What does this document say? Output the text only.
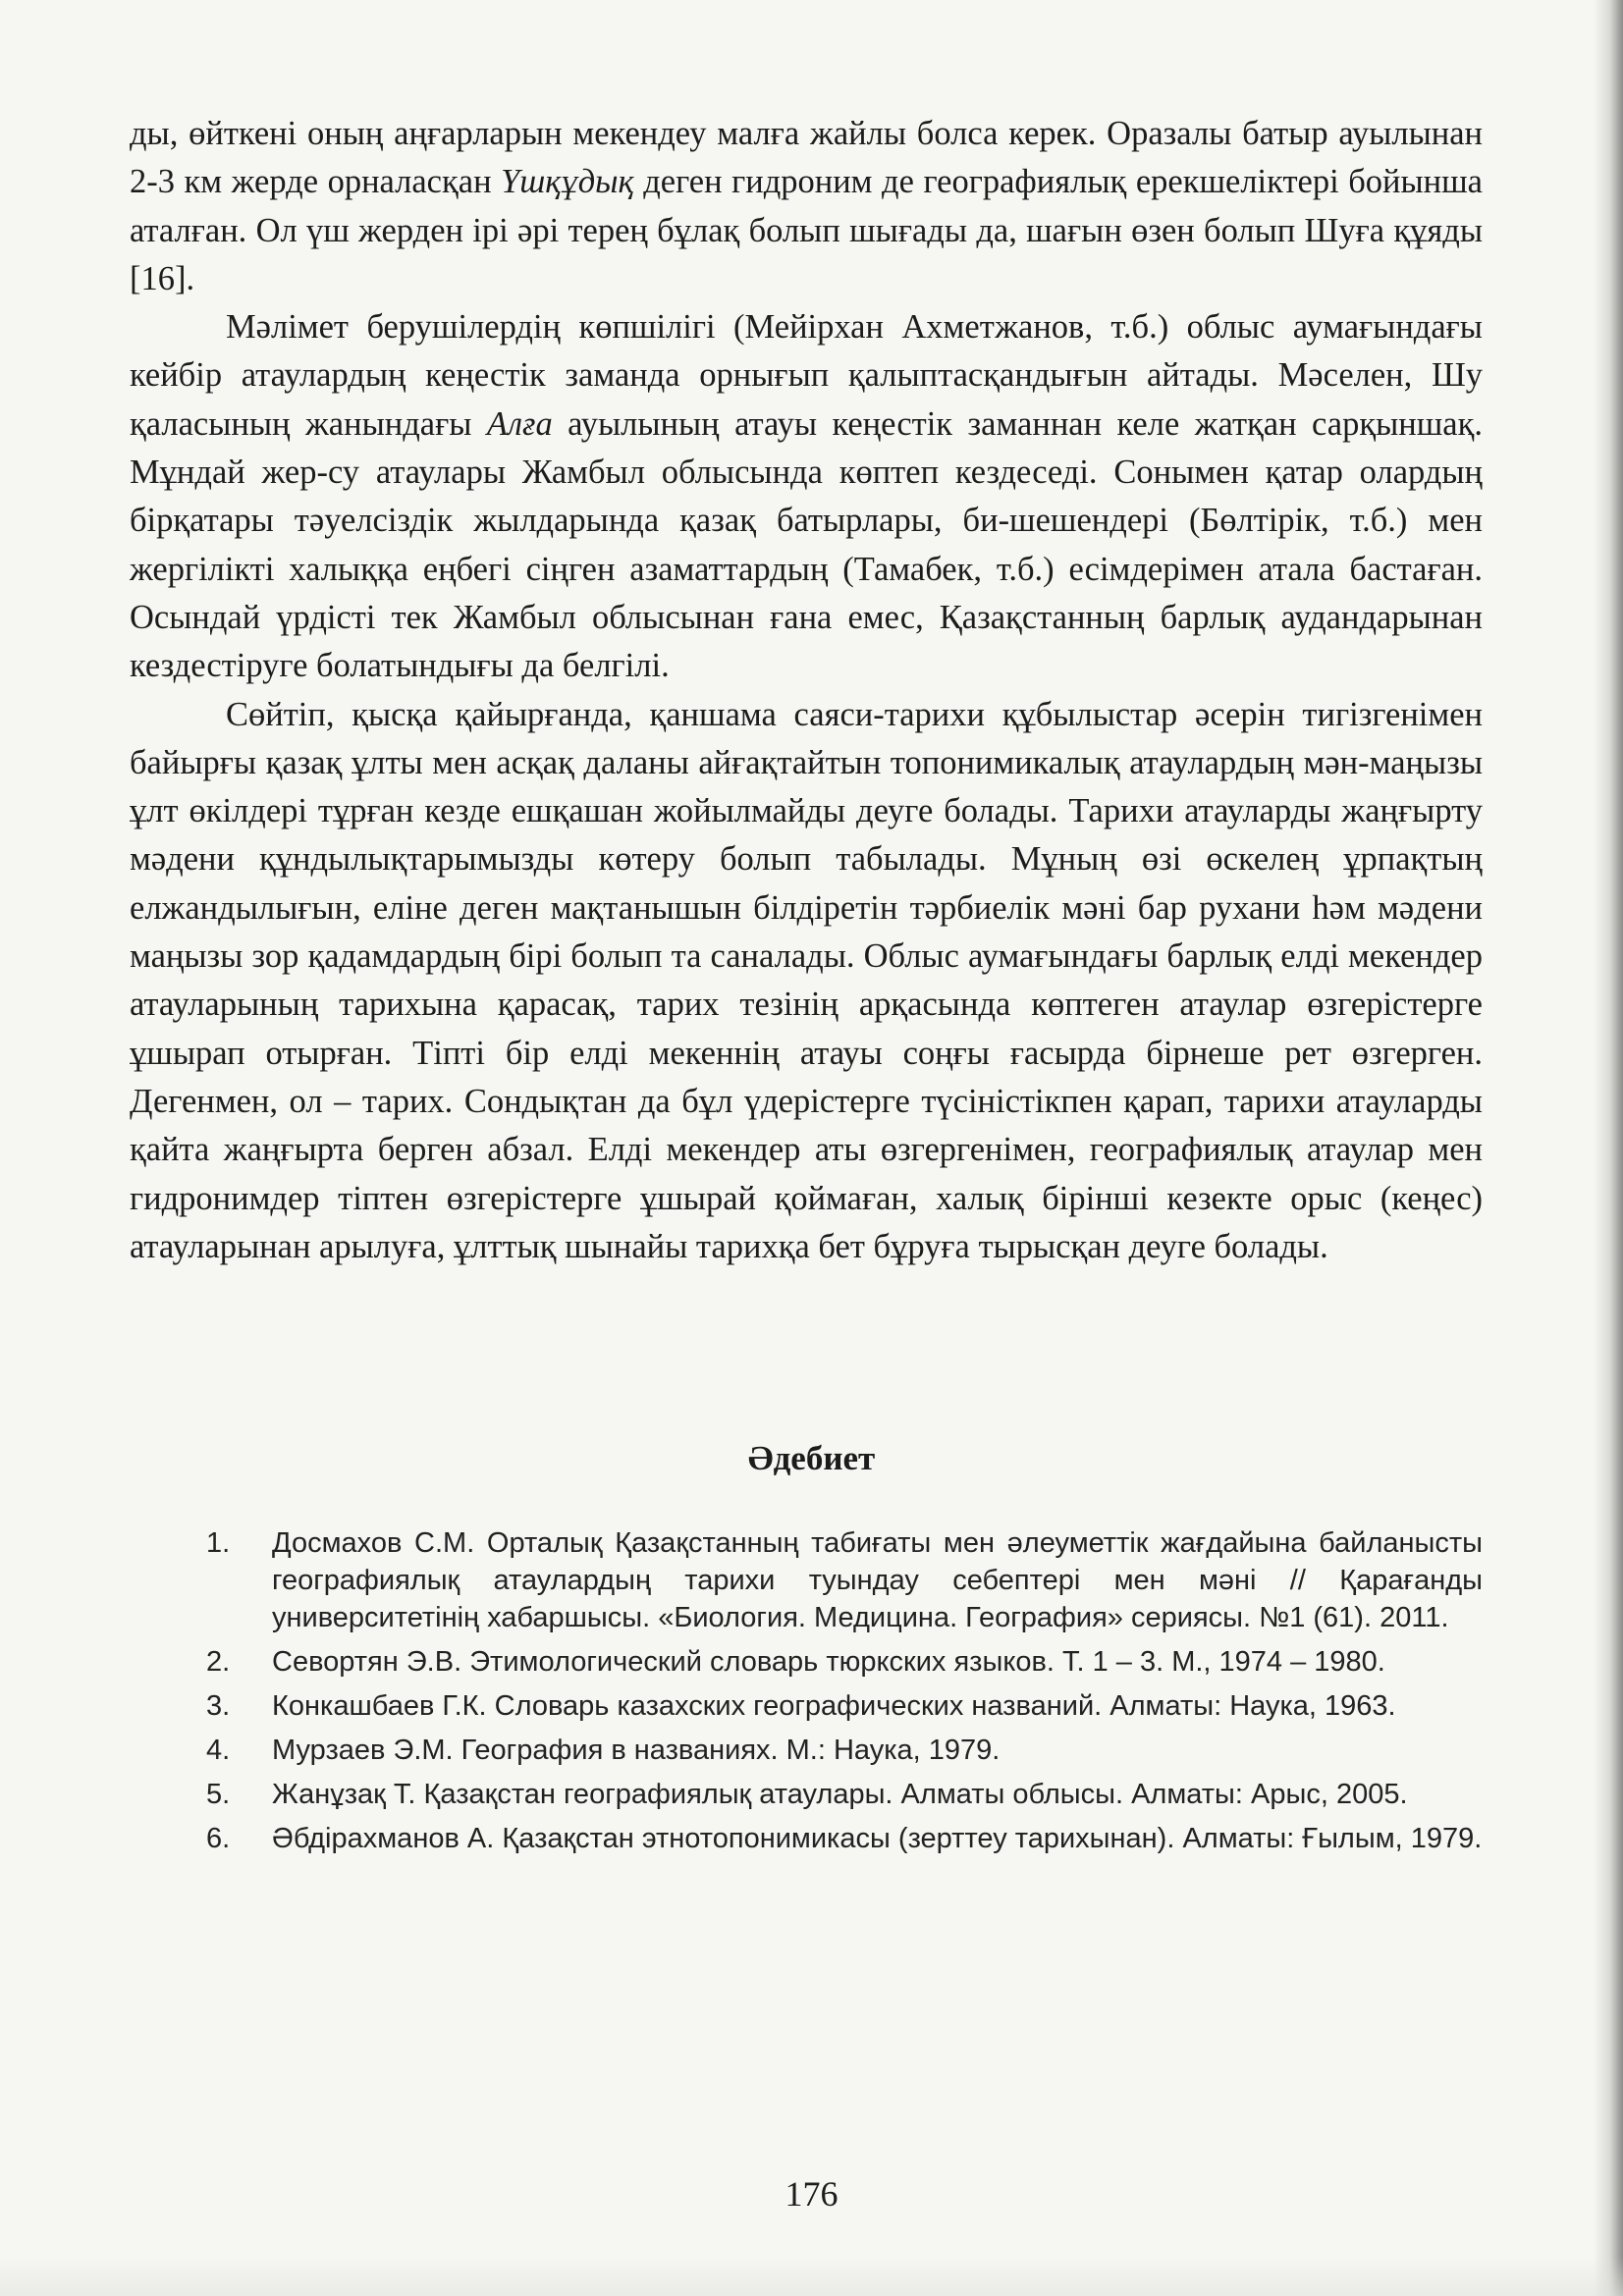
ды, өйткені оның аңғарларын мекендеу малға жайлы болса керек. Оразалы батыр ауылынан 2-3 км жерде орналасқан Үшқұдық деген гидроним де географиялық ерекшеліктері бойынша аталған. Ол үш жерден ірі әрі терең бұлақ болып шығады да, шағын өзен болып Шуға құяды [16].

Мәлімет берушілердің көпшілігі (Мейірхан Ахметжанов, т.б.) облыс аумағындағы кейбір атаулардың кеңестік заманда орнығып қалыптасқандығын айтады. Мәселен, Шу қаласының жанындағы Алға ауылының атауы кеңестік заманнан келе жатқан сарқыншақ. Мұндай жер-су атаулары Жамбыл облысында көптеп кездеседі. Сонымен қатар олардың бірқатары тәуелсіздік жылдарында қазақ батырлары, би-шешендері (Бөлтірік, т.б.) мен жергілікті халыққа еңбегі сіңген азаматтардың (Тамабек, т.б.) есімдерімен атала бастаған. Осындай үрдісті тек Жамбыл облысынан ғана емес, Қазақстанның барлық аудандарынан кездестіруге болатындығы да белгілі.

Сөйтіп, қысқа қайырғанда, қаншама саяси-тарихи құбылыстар әсерін тигізгенімен байырғы қазақ ұлты мен асқақ даланы айғақтайтын топонимикалық атаулардың мән-маңызы ұлт өкілдері тұрған кезде ешқашан жойылмайды деуге болады. Тарихи атауларды жаңғырту мәдени құндылықтарымызды көтеру болып табылады. Мұның өзі өскелең ұрпақтың елжандылығын, еліне деген мақтанышын білдіретін тәрбиелік мәні бар рухани һәм мәдени маңызы зор қадамдардың бірі болып та саналады. Облыс аумағындағы барлық елді мекендер атауларының тарихына қарасақ, тарих тезінің арқасында көптеген атаулар өзгерістерге ұшырап отырған. Тіпті бір елді мекеннің атауы соңғы ғасырда бірнеше рет өзгерген. Дегенмен, ол – тарих. Сондықтан да бұл үдерістерге түсіністікпен қарап, тарихи атауларды қайта жаңғырта берген абзал. Елді мекендер аты өзгергенімен, географиялық атаулар мен гидронимдер тіптен өзгерістерге ұшырай қоймаған, халық бірінші кезекте орыс (кеңес) атауларынан арылуға, ұлттық шынайы тарихқа бет бұруға тырысқан деуге болады.

Әдебиет
1.	Досмахов С.М. Орталық Қазақстанның табиғаты мен әлеуметтік жағдайына байланысты географиялық атаулардың тарихи туындау себептері мен мәні // Қарағанды университетінің хабаршысы. «Биология. Медицина. География» сериясы. №1 (61). 2011.
2.	Севортян Э.В. Этимологический словарь тюркских языков. Т. 1 – 3. М., 1974 – 1980.
3.	Конкашбаев Г.К. Словарь казахских географических названий. Алматы: Наука, 1963.
4.	Мурзаев Э.М. География в названиях. М.: Наука, 1979.
5.	Жанұзақ Т. Қазақстан географиялық атаулары. Алматы облысы. Алматы: Арыс, 2005.
6.	Әбдірахманов А. Қазақстан этнотопонимикасы (зерттеу тарихынан). Алматы: Ғылым, 1979.
176
